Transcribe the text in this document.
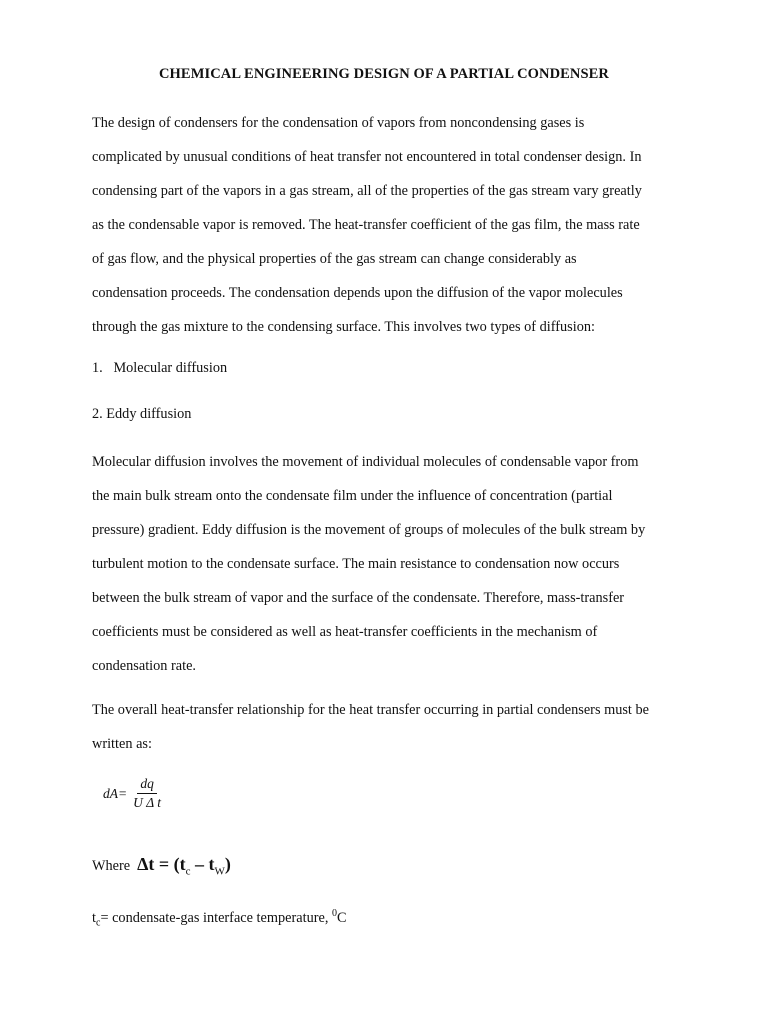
CHEMICAL ENGINEERING DESIGN OF A PARTIAL CONDENSER
The design of condensers for the condensation of vapors from noncondensing gases is
complicated by unusual conditions of heat transfer not encountered in total condenser design. In
condensing part of the vapors in a gas stream, all of the properties of the gas stream vary greatly
as the condensable vapor is removed. The heat-transfer coefficient of the gas film, the mass rate
of gas flow, and the physical properties of the gas stream can change considerably as
condensation proceeds. The condensation depends upon the diffusion of the vapor molecules
through the gas mixture to the condensing surface. This involves two types of diffusion:
1.   Molecular diffusion
2. Eddy diffusion
Molecular diffusion involves the movement of individual molecules of condensable vapor from
the main bulk stream onto the condensate film under the influence of concentration (partial
pressure) gradient. Eddy diffusion is the movement of groups of molecules of the bulk stream by
turbulent motion to the condensate surface. The main resistance to condensation now occurs
between the bulk stream of vapor and the surface of the condensate. Therefore, mass-transfer
coefficients must be considered as well as heat-transfer coefficients in the mechanism of
condensation rate.
The overall heat-transfer relationship for the heat transfer occurring in partial condensers must be
written as:
$dA= \frac{dq}{\text{U Δ t}}$
Where $\Delta t = (t_c - t_W)$
$t_c=$ condensate-gas interface temperature, $^0$C
